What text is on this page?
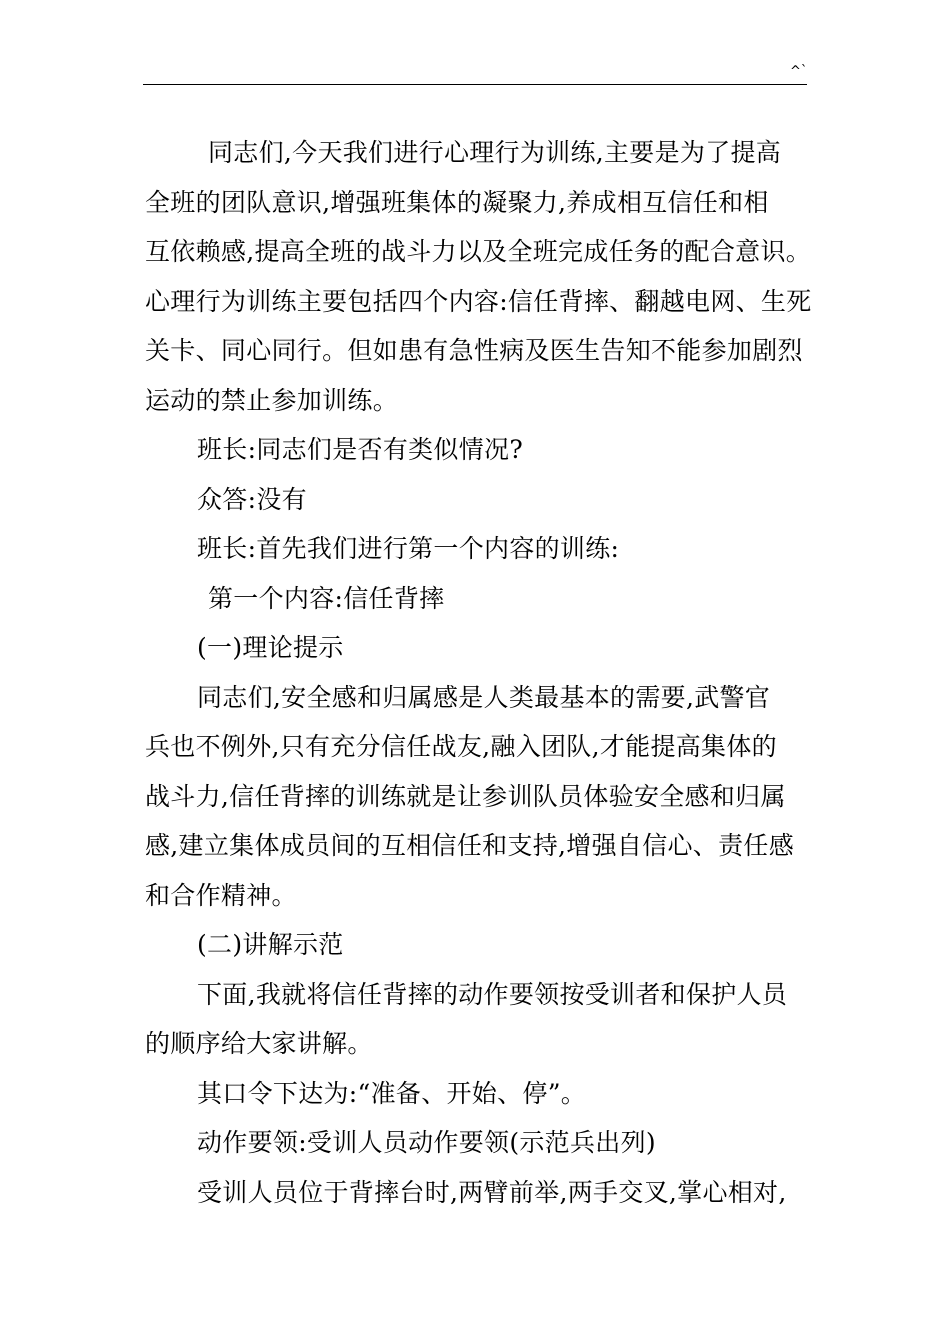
^`
同志们,今天我们进行心理行为训练,主要是为了提高
全班的团队意识,增强班集体的凝聚力,养成相互信任和相
互依赖感,提高全班的战斗力以及全班完成任务的配合意识。
心理行为训练主要包括四个内容:信任背摔、翻越电网、生死
关卡、同心同行。但如患有急性病及医生告知不能参加剧烈
运动的禁止参加训练。
班长:同志们是否有类似情况?
众答:没有
班长:首先我们进行第一个内容的训练:
第一个内容:信任背摔
(一)理论提示
同志们,安全感和归属感是人类最基本的需要,武警官
兵也不例外,只有充分信任战友,融入团队,才能提高集体的
战斗力,信任背摔的训练就是让参训队员体验安全感和归属
感,建立集体成员间的互相信任和支持,增强自信心、责任感
和合作精神。
(二)讲解示范
下面,我就将信任背摔的动作要领按受训者和保护人员
的顺序给大家讲解。
其口令下达为:“准备、开始、停”。
动作要领:受训人员动作要领(示范兵出列)
受训人员位于背摔台时,两臂前举,两手交叉,掌心相对,
